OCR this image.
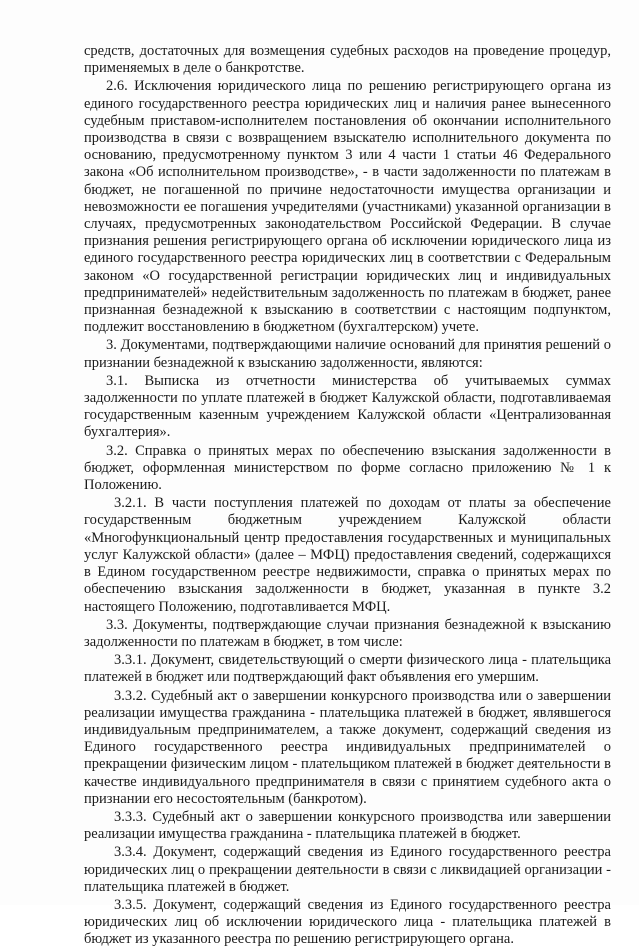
средств, достаточных для возмещения судебных расходов на проведение процедур, применяемых в деле о банкротстве.

2.6. Исключения юридического лица по решению регистрирующего органа из единого государственного реестра юридических лиц и наличия ранее вынесенного судебным приставом-исполнителем постановления об окончании исполнительного производства в связи с возвращением взыскателю исполнительного документа по основанию, предусмотренному пунктом 3 или 4 части 1 статьи 46 Федерального закона «Об исполнительном производстве», - в части задолженности по платежам в бюджет, не погашенной по причине недостаточности имущества организации и невозможности ее погашения учредителями (участниками) указанной организации в случаях, предусмотренных законодательством Российской Федерации. В случае признания решения регистрирующего органа об исключении юридического лица из единого государственного реестра юридических лиц в соответствии с Федеральным законом «О государственной регистрации юридических лиц и индивидуальных предпринимателей» недействительным задолженность по платежам в бюджет, ранее признанная безнадежной к взысканию в соответствии с настоящим подпунктом, подлежит восстановлению в бюджетном (бухгалтерском) учете.

3. Документами, подтверждающими наличие оснований для принятия решений о признании безнадежной к взысканию задолженности, являются:

3.1. Выписка из отчетности министерства об учитываемых суммах задолженности по уплате платежей в бюджет Калужской области, подготавливаемая государственным казенным учреждением Калужской области «Централизованная бухгалтерия».

3.2. Справка о принятых мерах по обеспечению взыскания задолженности в бюджет, оформленная министерством по форме согласно приложению № 1 к Положению.

3.2.1. В части поступления платежей по доходам от платы за обеспечение государственным бюджетным учреждением Калужской области «Многофункциональный центр предоставления государственных и муниципальных услуг Калужской области» (далее – МФЦ) предоставления сведений, содержащихся в Едином государственном реестре недвижимости, справка о принятых мерах по обеспечению взыскания задолженности в бюджет, указанная в пункте 3.2 настоящего Положению, подготавливается МФЦ.

3.3. Документы, подтверждающие случаи признания безнадежной к взысканию задолженности по платежам в бюджет, в том числе:

3.3.1. Документ, свидетельствующий о смерти физического лица - плательщика платежей в бюджет или подтверждающий факт объявления его умершим.

3.3.2. Судебный акт о завершении конкурсного производства или о завершении реализации имущества гражданина - плательщика платежей в бюджет, являвшегося индивидуальным предпринимателем, а также документ, содержащий сведения из Единого государственного реестра индивидуальных предпринимателей о прекращении физическим лицом - плательщиком платежей в бюджет деятельности в качестве индивидуального предпринимателя в связи с принятием судебного акта о признании его несостоятельным (банкротом).

3.3.3. Судебный акт о завершении конкурсного производства или завершении реализации имущества гражданина - плательщика платежей в бюджет.

3.3.4. Документ, содержащий сведения из Единого государственного реестра юридических лиц о прекращении деятельности в связи с ликвидацией организации - плательщика платежей в бюджет.

3.3.5. Документ, содержащий сведения из Единого государственного реестра юридических лиц об исключении юридического лица - плательщика платежей в бюджет из указанного реестра по решению регистрирующего органа.
